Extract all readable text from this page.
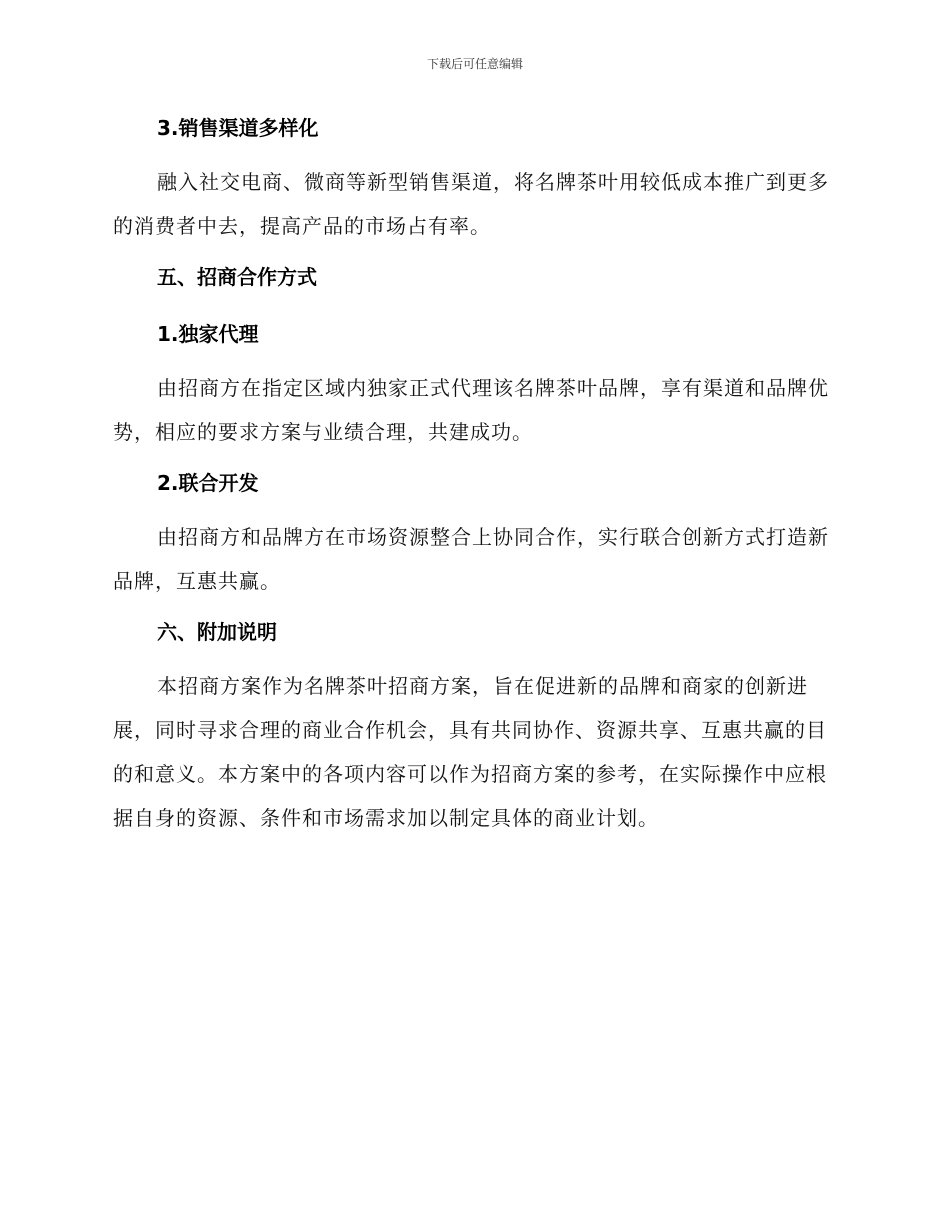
下载后可任意编辑
3.销售渠道多样化

融入社交电商、微商等新型销售渠道，将名牌茶叶用较低成本推广到更多的消费者中去，提高产品的市场占有率。

五、招商合作方式
1.独家代理

由招商方在指定区域内独家正式代理该名牌茶叶品牌，享有渠道和品牌优势，相应的要求方案与业绩合理，共建成功。

2.联合开发

由招商方和品牌方在市场资源整合上协同合作，实行联合创新方式打造新品牌，互惠共赢。

六、附加说明

本招商方案作为名牌茶叶招商方案，旨在促进新的品牌和商家的创新进展，同时寻求合理的商业合作机会，具有共同协作、资源共享、互惠共赢的目的和意义。本方案中的各项内容可以作为招商方案的参考，在实际操作中应根据自身的资源、条件和市场需求加以制定具体的商业计划。
